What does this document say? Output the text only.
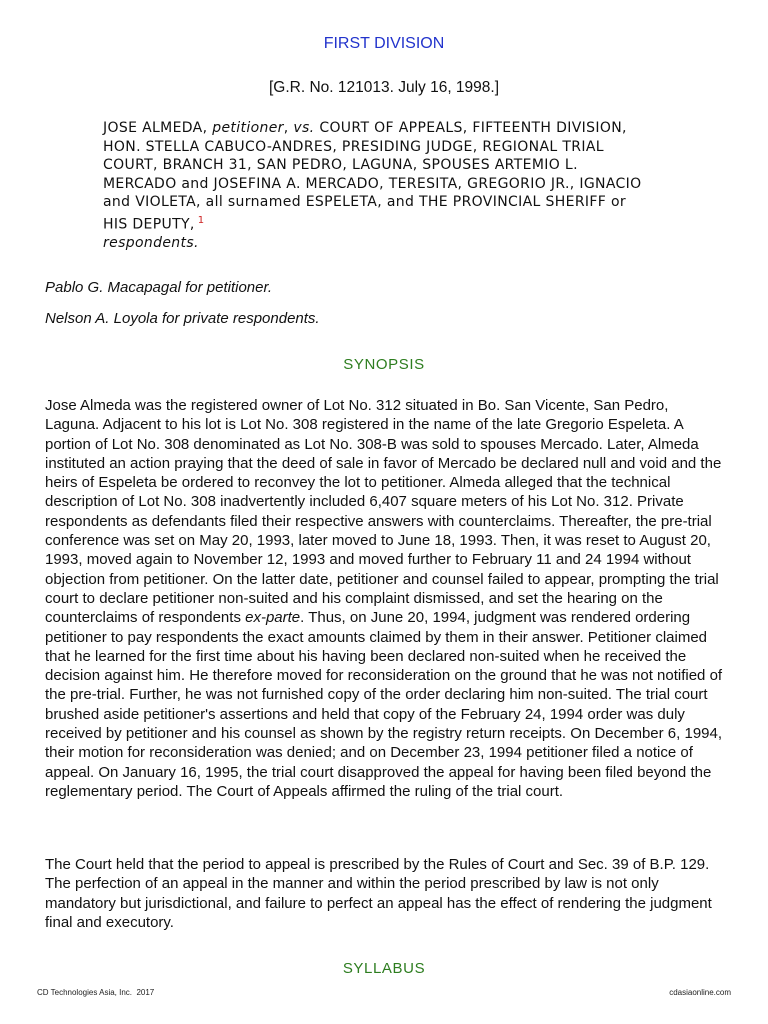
FIRST DIVISION
[G.R. No. 121013. July 16, 1998.]
JOSE ALMEDA, petitioner, vs. COURT OF APPEALS, FIFTEENTH DIVISION, HON. STELLA CABUCO-ANDRES, PRESIDING JUDGE, REGIONAL TRIAL COURT, BRANCH 31, SAN PEDRO, LAGUNA, SPOUSES ARTEMIO L. MERCADO and JOSEFINA A. MERCADO, TERESITA, GREGORIO JR., IGNACIO and VIOLETA, all surnamed ESPELETA, and THE PROVINCIAL SHERIFF or HIS DEPUTY, $^1$
respondents.
Pablo G. Macapagal for petitioner.
Nelson A. Loyola for private respondents.
SYNOPSIS
Jose Almeda was the registered owner of Lot No. 312 situated in Bo. San Vicente, San Pedro, Laguna. Adjacent to his lot is Lot No. 308 registered in the name of the late Gregorio Espeleta. A portion of Lot No. 308 denominated as Lot No. 308-B was sold to spouses Mercado. Later, Almeda instituted an action praying that the deed of sale in favor of Mercado be declared null and void and the heirs of Espeleta be ordered to reconvey the lot to petitioner. Almeda alleged that the technical description of Lot No. 308 inadvertently included 6,407 square meters of his Lot No. 312. Private respondents as defendants filed their respective answers with counterclaims. Thereafter, the pre-trial conference was set on May 20, 1993, later moved to June 18, 1993. Then, it was reset to August 20, 1993, moved again to November 12, 1993 and moved further to February 11 and 24 1994 without objection from petitioner. On the latter date, petitioner and counsel failed to appear, prompting the trial court to declare petitioner non-suited and his complaint dismissed, and set the hearing on the counterclaims of respondents ex-parte. Thus, on June 20, 1994, judgment was rendered ordering petitioner to pay respondents the exact amounts claimed by them in their answer. Petitioner claimed that he learned for the first time about his having been declared non-suited when he received the decision against him. He therefore moved for reconsideration on the ground that he was not notified of the pre-trial. Further, he was not furnished copy of the order declaring him non-suited. The trial court brushed aside petitioner's assertions and held that copy of the February 24, 1994 order was duly received by petitioner and his counsel as shown by the registry return receipts. On December 6, 1994, their motion for reconsideration was denied; and on December 23, 1994 petitioner filed a notice of appeal. On January 16, 1995, the trial court disapproved the appeal for having been filed beyond the reglementary period. The Court of Appeals affirmed the ruling of the trial court.
The Court held that the period to appeal is prescribed by the Rules of Court and Sec. 39 of B.P. 129. The perfection of an appeal in the manner and within the period prescribed by law is not only mandatory but jurisdictional, and failure to perfect an appeal has the effect of rendering the judgment final and executory.
SYLLABUS
CD Technologies Asia, Inc.  2017	cdasiaonline.com
